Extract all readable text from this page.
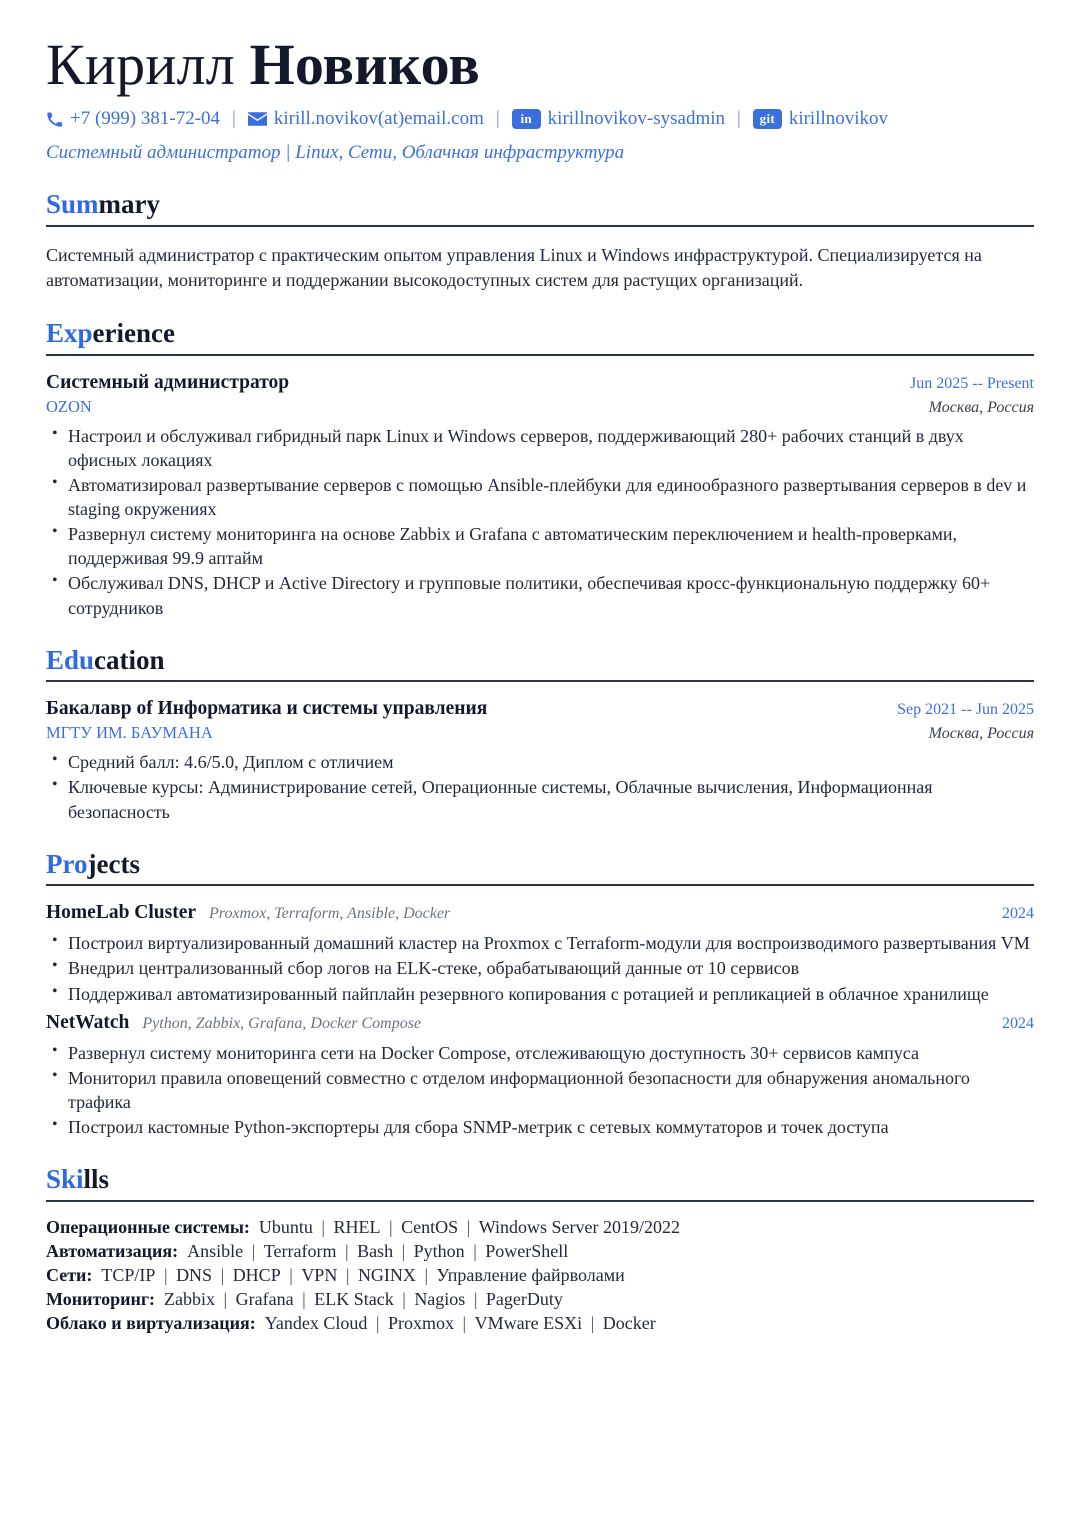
Кирилл Новиков
+7 (999) 381-72-04 | kirill.novikov(at)email.com |	in kirillnovikov-sysadmin |	git kirillnovikov
Системный администратор | Linux, Сети, Облачная инфраструктура
Summary
Системный администратор с практическим опытом управления Linux и Windows инфраструктурой. Специализируется на автоматизации, мониторинге и поддержании высокодоступных систем для растущих организаций.
Experience
Системный администратор	Jun 2025 -- Present
OZON	Москва, Россия
• Настроил и обслуживал гибридный парк Linux и Windows серверов, поддерживающий 280+ рабочих станций в двух офисных локациях
• Автоматизировал развертывание серверов с помощью Ansible-плейбуки для единообразного развертывания серверов в dev и staging окружениях
• Развернул систему мониторинга на основе Zabbix и Grafana с автоматическим переключением и health-проверками, поддерживая 99.9 аптайм
• Обслуживал DNS, DHCP и Active Directory и групповые политики, обеспечивая кросс-функциональную поддержку 60+ сотрудников
Education
Бакалавр of Информатика и системы управления	Sep 2021 -- Jun 2025
МГТУ ИМ. БАУМАНА	Москва, Россия
• Средний балл: 4.6/5.0, Диплом с отличием
• Ключевые курсы: Администрирование сетей, Операционные системы, Облачные вычисления, Информационная безопасность
Projects
HomeLab Cluster Proxmox, Terraform, Ansible, Docker	2024
• Построил виртуализированный домашний кластер на Proxmox с Terraform-модули для воспроизводимого развертывания VM
• Внедрил централизованный сбор логов на ELK-стеке, обрабатывающий данные от 10 сервисов
• Поддерживал автоматизированный пайплайн резервного копирования с ротацией и репликацией в облачное хранилище
NetWatch Python, Zabbix, Grafana, Docker Compose	2024
• Развернул систему мониторинга сети на Docker Compose, отслеживающую доступность 30+ сервисов кампуса
• Мониторил правила оповещений совместно с отделом информационной безопасности для обнаружения аномального трафика
• Построил кастомные Python-экспортеры для сбора SNMP-метрик с сетевых коммутаторов и точек доступа
Skills
Операционные системы: Ubuntu | RHEL | CentOS | Windows Server 2019/2022
Автоматизация: Ansible | Terraform | Bash | Python | PowerShell
Сети: TCP/IP | DNS | DHCP | VPN | NGINX | Управление файрволами
Мониторинг: Zabbix | Grafana | ELK Stack | Nagios | PagerDuty
Облако и виртуализация: Yandex Cloud | Proxmox | VMware ESXi | Docker
